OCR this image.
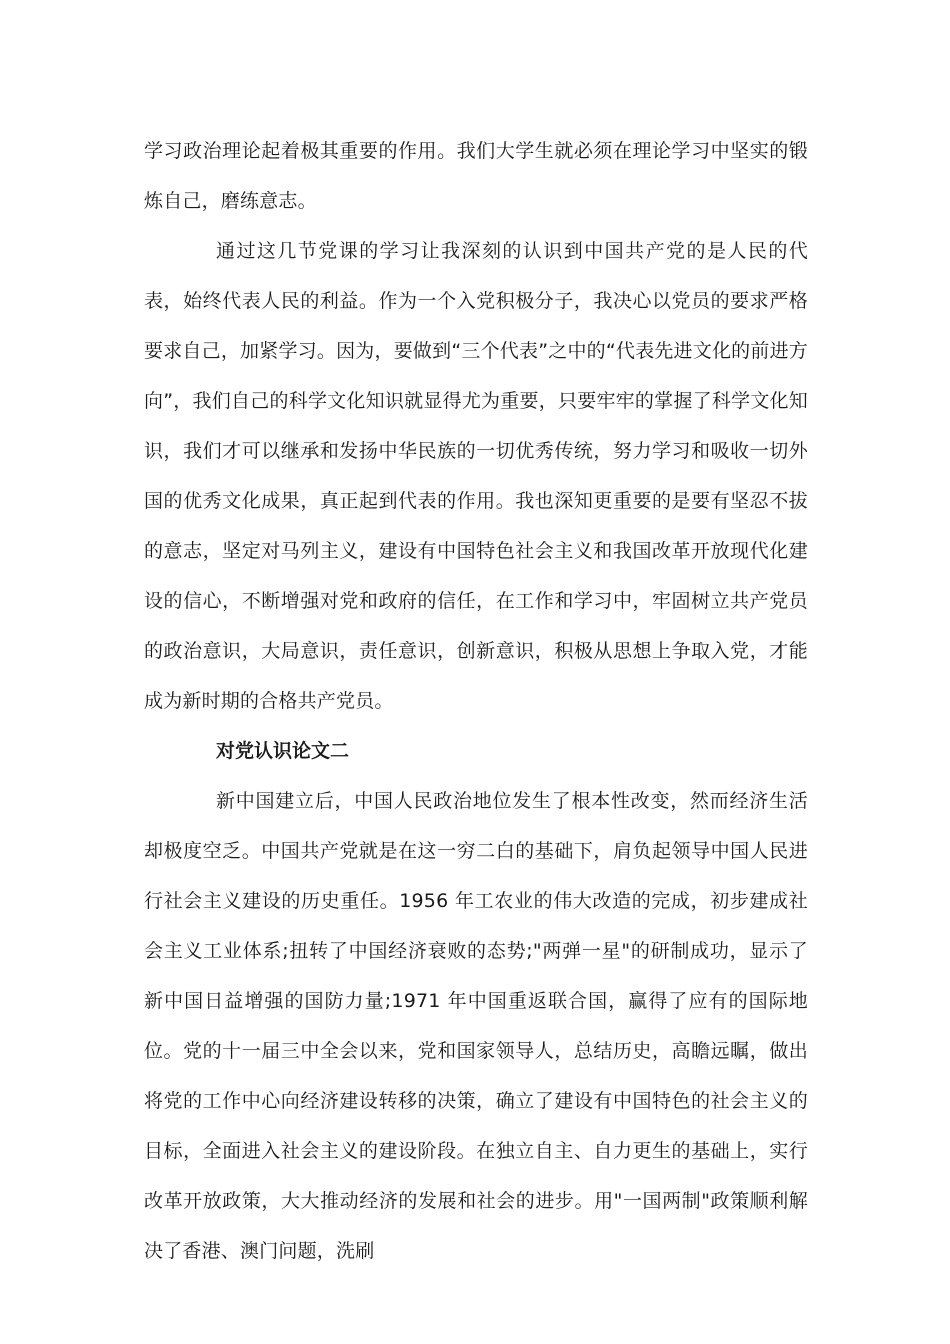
学习政治理论起着极其重要的作用。我们大学生就必须在理论学习中坚实的锻炼自己，磨练意志。

通过这几节党课的学习让我深刻的认识到中国共产党的是人民的代表，始终代表人民的利益。作为一个入党积极分子，我决心以党员的要求严格要求自己，加紧学习。因为，要做到“三个代表”之中的“代表先进文化的前进方向”，我们自己的科学文化知识就显得尤为重要，只要牢牢的掌握了科学文化知识，我们才可以继承和发扬中华民族的一切优秀传统，努力学习和吸收一切外国的优秀文化成果，真正起到代表的作用。我也深知更重要的是要有坚忍不拔的意志，坚定对马列主义，建设有中国特色社会主义和我国改革开放现代化建设的信心，不断增强对党和政府的信任，在工作和学习中，牢固树立共产党员的政治意识，大局意识，责任意识，创新意识，积极从思想上争取入党，才能成为新时期的合格共产党员。

对党认识论文二

新中国建立后，中国人民政治地位发生了根本性改变，然而经济生活却极度空乏。中国共产党就是在这一穷二白的基础下，肩负起领导中国人民进行社会主义建设的历史重任。1956 年工农业的伟大改造的完成，初步建成社会主义工业体系;扭转了中国经济衰败的态势;"两弹一星"的研制成功，显示了新中国日益增强的国防力量;1971 年中国重返联合国，赢得了应有的国际地位。党的十一届三中全会以来，党和国家领导人，总结历史，高瞻远瞩，做出将党的工作中心向经济建设转移的决策，确立了建设有中国特色的社会主义的目标，全面进入社会主义的建设阶段。在独立自主、自力更生的基础上，实行改革开放政策，大大推动经济的发展和社会的进步。用"一国两制"政策顺利解决了香港、澳门问题，洗刷
